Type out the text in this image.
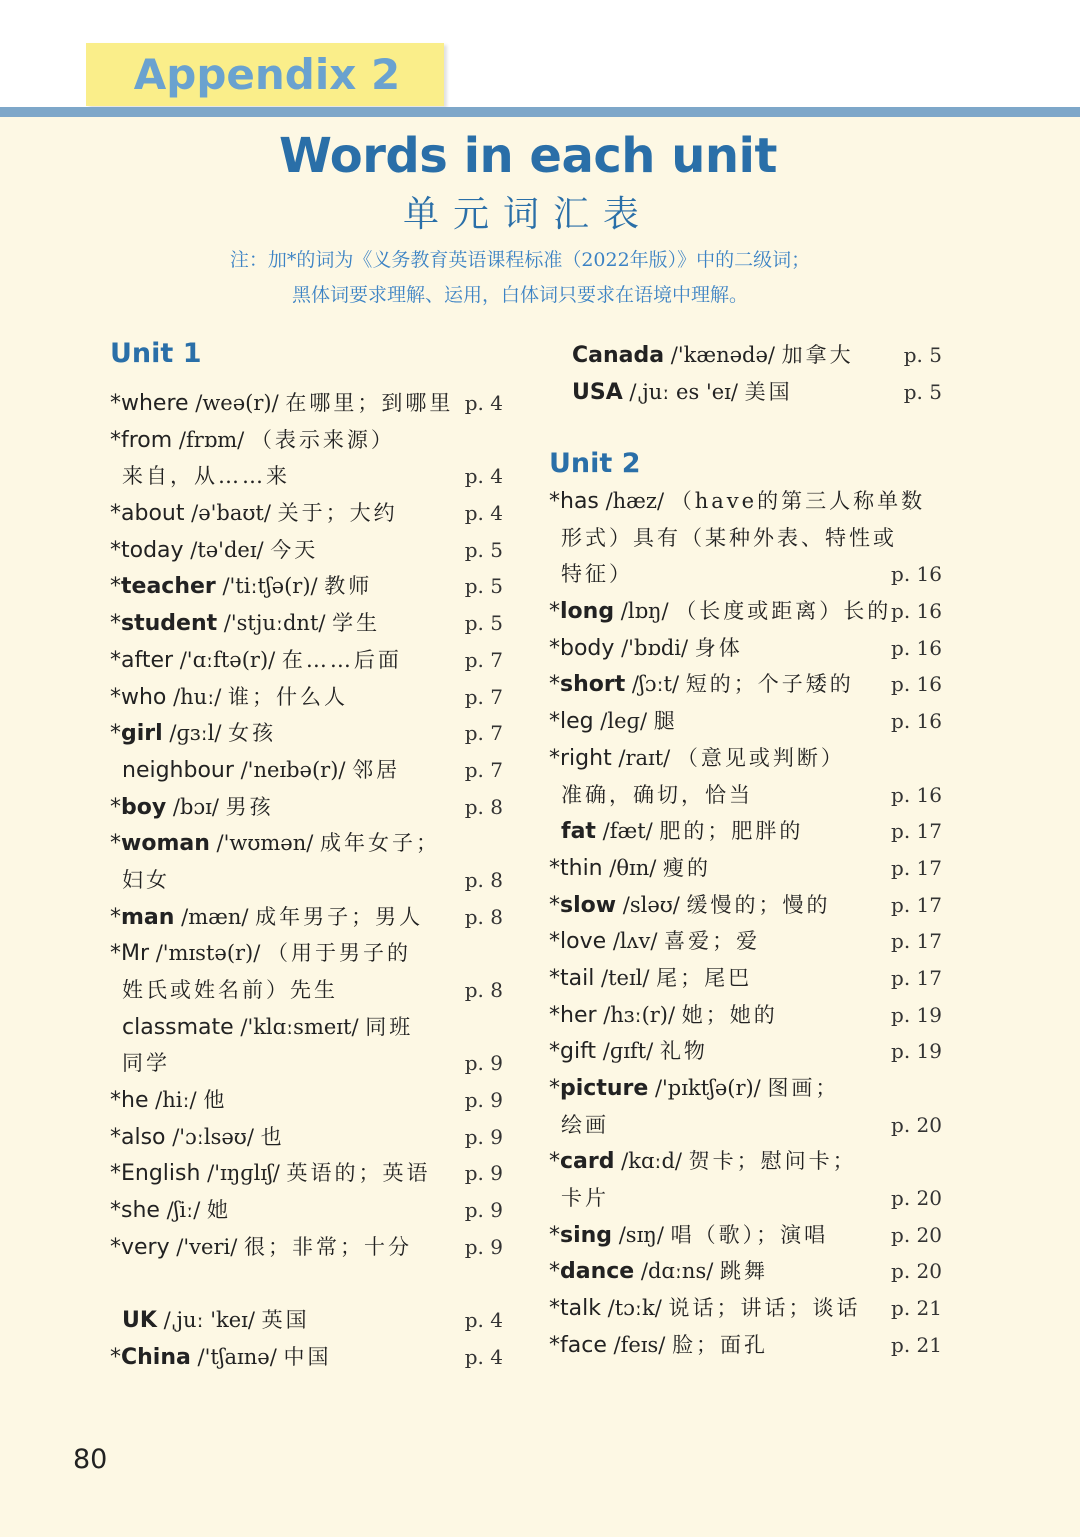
Appendix 2
Words in each unit
单元词汇表
注：加*的词为《义务教育英语课程标准（2022年版）》中的二级词；
黑体词要求理解、运用，白体词只要求在语境中理解。
Unit 1
*where /weə(r)/ 在哪里；到哪里 p. 4
*from /frɒm/ （表示来源）
来自，从……来	p. 4
*about /ə'baʊt/ 关于；大约	p. 4
*today /tə'deɪ/ 今天	p. 5
*teacher /'tiːtʃə(r)/ 教师	p. 5
*student /'stjuːdnt/ 学生	p. 5
*after /'ɑːftə(r)/ 在……后面	p. 7
*who /huː/ 谁；什么人	p. 7
*girl /ɡɜːl/ 女孩	p. 7
neighbour /'neɪbə(r)/ 邻居	p. 7
*boy /bɔɪ/ 男孩	p. 8
*woman /'wʊmən/ 成年女子；
妇女	p. 8
*man /mæn/ 成年男子；男人 p. 8
*Mr /'mɪstə(r)/ （用于男子的
姓氏或姓名前）先生	p. 8
classmate /'klɑːsmeɪt/ 同班
同学	p. 9
*he /hiː/ 他	p. 9
*also /'ɔːlsəʊ/ 也	p. 9
*English /'ɪŋɡlɪʃ/ 英语的；英语 p. 9
*she /ʃiː/ 她	p. 9
*very /'veri/ 很；非常；十分	p. 9
UK /ˌjuː 'keɪ/ 英国	p. 4
*China /'tʃaɪnə/ 中国	p. 4
Canada /'kænədə/ 加拿大	p. 5
USA /ˌjuː es 'eɪ/ 美国	p. 5
Unit 2
*has /hæz/ （have的第三人称单数
形式）具有（某种外表、特性或
特征）	p. 16
*long /lɒŋ/ （长度或距离）长的 p. 16
*body /'bɒdi/ 身体	p. 16
*short /ʃɔːt/ 短的；个子矮的 p. 16
*leg /leɡ/ 腿	p. 16
*right /raɪt/ （意见或判断）
准确，确切，恰当	p. 16
fat /fæt/ 肥的；肥胖的	p. 17
*thin /θɪn/ 瘦的	p. 17
*slow /sləʊ/ 缓慢的；慢的	p. 17
*love /lʌv/ 喜爱；爱	p. 17
*tail /teɪl/ 尾；尾巴	p. 17
*her /hɜː(r)/ 她；她的	p. 19
*gift /ɡɪft/ 礼物	p. 19
*picture /'pɪktʃə(r)/ 图画；
绘画	p. 20
*card /kɑːd/ 贺卡；慰问卡；
卡片	p. 20
*sing /sɪŋ/ 唱（歌）；演唱	p. 20
*dance /dɑːns/ 跳舞	p. 20
*talk /tɔːk/ 说话；讲话；谈话 p. 21
*face /feɪs/ 脸；面孔	p. 21
80
